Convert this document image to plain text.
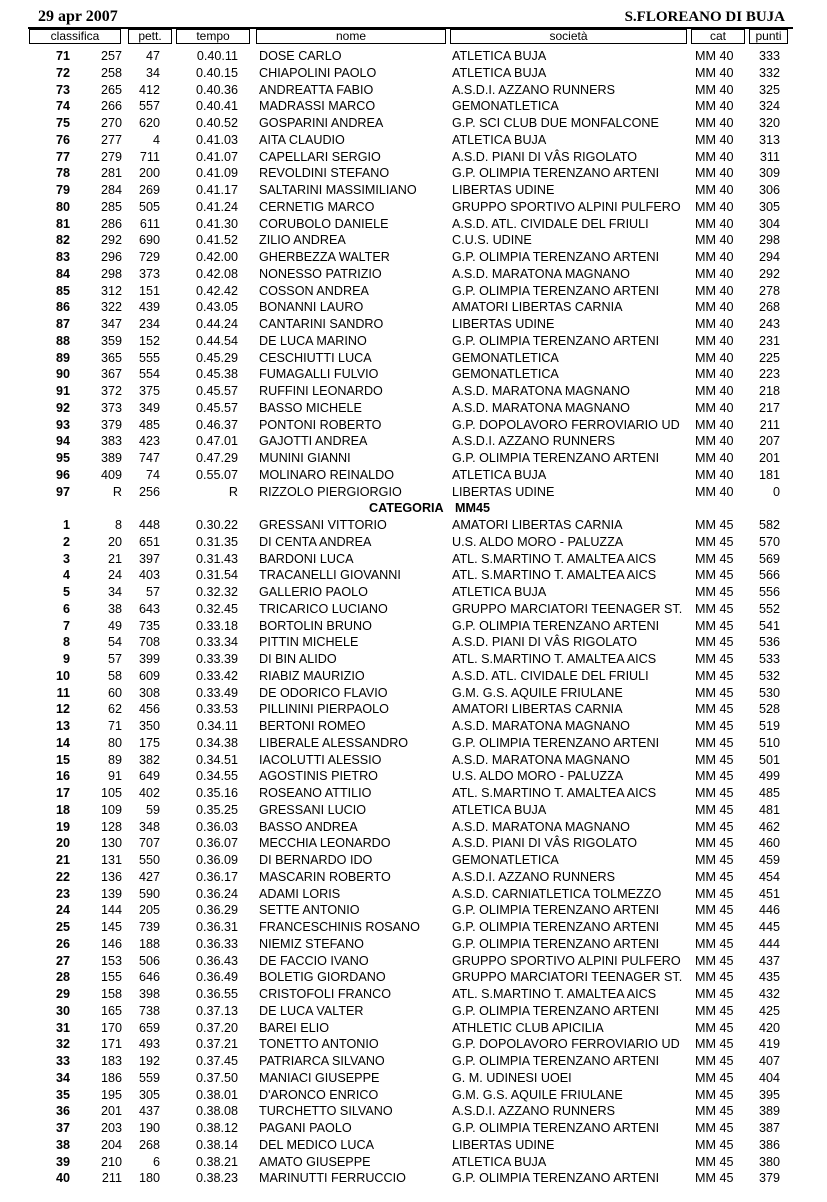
29 apr 2007	S.FLOREANO DI BUJA
classifica	pett.	tempo	nome	società	cat	punti
71	257	47	0.40.11 DOSE CARLO	ATLETICA BUJA	MM 40	333
72	258	34	0.40.15 CHIAPOLINI PAOLO	ATLETICA BUJA	MM 40	332
73	265	412	0.40.36 ANDREATTA FABIO	A.S.D.I. AZZANO RUNNERS	MM 40	325
74	266	557	0.40.41 MADRASSI MARCO	GEMONATLETICA	MM 40	324
75	270	620	0.40.52 GOSPARINI ANDREA	G.P. SCI CLUB DUE MONFALCONE	MM 40	320
76	277	4	0.41.03 AITA CLAUDIO	ATLETICA BUJA	MM 40	313
77	279	711	0.41.07 CAPELLARI SERGIO	A.S.D. PIANI DI VÂS RIGOLATO	MM 40	311
78	281	200	0.41.09 REVOLDINI STEFANO	G.P. OLIMPIA TERENZANO ARTENI	MM 40	309
79	284	269	0.41.17 SALTARINI MASSIMILIANO	LIBERTAS UDINE	MM 40	306
80	285	505	0.41.24 CERNETIG MARCO	GRUPPO SPORTIVO ALPINI PULFERO MM 40	305
81	286	611	0.41.30 CORUBOLO DANIELE	A.S.D. ATL. CIVIDALE DEL FRIULI	MM 40	304
82	292	690	0.41.52 ZILIO ANDREA	C.U.S. UDINE	MM 40	298
83	296	729	0.42.00 GHERBEZZA WALTER	G.P. OLIMPIA TERENZANO ARTENI	MM 40	294
84	298	373	0.42.08 NONESSO PATRIZIO	A.S.D. MARATONA MAGNANO	MM 40	292
85	312	151	0.42.42 COSSON ANDREA	G.P. OLIMPIA TERENZANO ARTENI	MM 40	278
86	322	439	0.43.05 BONANNI LAURO	AMATORI LIBERTAS CARNIA	MM 40	268
87	347	234	0.44.24 CANTARINI SANDRO	LIBERTAS UDINE	MM 40	243
88	359	152	0.44.54 DE LUCA MARINO	G.P. OLIMPIA TERENZANO ARTENI	MM 40	231
89	365	555	0.45.29 CESCHIUTTI LUCA	GEMONATLETICA	MM 40	225
90	367	554	0.45.38 FUMAGALLI FULVIO	GEMONATLETICA	MM 40	223
91	372	375	0.45.57 RUFFINI LEONARDO	A.S.D. MARATONA MAGNANO	MM 40	218
92	373	349	0.45.57 BASSO MICHELE	A.S.D. MARATONA MAGNANO	MM 40	217
93	379	485	0.46.37 PONTONI ROBERTO	G.P. DOPOLAVORO FERROVIARIO UD MM 40	211
94	383	423	0.47.01 GAJOTTI ANDREA	A.S.D.I. AZZANO RUNNERS	MM 40	207
95	389	747	0.47.29 MUNINI GIANNI	G.P. OLIMPIA TERENZANO ARTENI	MM 40	201
96	409	74	0.55.07 MOLINARO REINALDO	ATLETICA BUJA	MM 40	181
97	R	256	R RIZZOLO PIERGIORGIO	LIBERTAS UDINE	MM 40	0
CATEGORIA MM45
1	8	448	0.30.22 GRESSANI VITTORIO	AMATORI LIBERTAS CARNIA	MM 45	582
2	20	651	0.31.35 DI CENTA ANDREA	U.S. ALDO MORO - PALUZZA	MM 45	570
3	21	397	0.31.43 BARDONI LUCA	ATL. S.MARTINO T. AMALTEA AICS	MM 45	569
4	24	403	0.31.54 TRACANELLI GIOVANNI	ATL. S.MARTINO T. AMALTEA AICS	MM 45	566
5	34	57	0.32.32 GALLERIO PAOLO	ATLETICA BUJA	MM 45	556
6	38	643	0.32.45 TRICARICO LUCIANO	GRUPPO MARCIATORI TEENAGER ST. MM 45	552
7	49	735	0.33.18 BORTOLIN BRUNO	G.P. OLIMPIA TERENZANO ARTENI	MM 45	541
8	54	708	0.33.34 PITTIN MICHELE	A.S.D. PIANI DI VÂS RIGOLATO	MM 45	536
9	57	399	0.33.39 DI BIN ALIDO	ATL. S.MARTINO T. AMALTEA AICS	MM 45	533
10	58	609	0.33.42 RIABIZ MAURIZIO	A.S.D. ATL. CIVIDALE DEL FRIULI	MM 45	532
11	60	308	0.33.49 DE ODORICO FLAVIO	G.M. G.S. AQUILE FRIULANE	MM 45	530
12	62	456	0.33.53 PILLININI PIERPAOLO	AMATORI LIBERTAS CARNIA	MM 45	528
13	71	350	0.34.11 BERTONI ROMEO	A.S.D. MARATONA MAGNANO	MM 45	519
14	80	175	0.34.38 LIBERALE ALESSANDRO	G.P. OLIMPIA TERENZANO ARTENI	MM 45	510
15	89	382	0.34.51 IACOLUTTI ALESSIO	A.S.D. MARATONA MAGNANO	MM 45	501
16	91	649	0.34.55 AGOSTINIS PIETRO	U.S. ALDO MORO - PALUZZA	MM 45	499
17	105	402	0.35.16 ROSEANO ATTILIO	ATL. S.MARTINO T. AMALTEA AICS	MM 45	485
18	109	59	0.35.25 GRESSANI LUCIO	ATLETICA BUJA	MM 45	481
19	128	348	0.36.03 BASSO ANDREA	A.S.D. MARATONA MAGNANO	MM 45	462
20	130	707	0.36.07 MECCHIA LEONARDO	A.S.D. PIANI DI VÂS RIGOLATO	MM 45	460
21	131	550	0.36.09 DI BERNARDO IDO	GEMONATLETICA	MM 45	459
22	136	427	0.36.17 MASCARIN ROBERTO	A.S.D.I. AZZANO RUNNERS	MM 45	454
23	139	590	0.36.24 ADAMI LORIS	A.S.D. CARNIATLETICA TOLMEZZO	MM 45	451
24	144	205	0.36.29 SETTE ANTONIO	G.P. OLIMPIA TERENZANO ARTENI	MM 45	446
25	145	739	0.36.31 FRANCESCHINIS ROSANO	G.P. OLIMPIA TERENZANO ARTENI	MM 45	445
26	146	188	0.36.33 NIEMIZ STEFANO	G.P. OLIMPIA TERENZANO ARTENI	MM 45	444
27	153	506	0.36.43 DE FACCIO IVANO	GRUPPO SPORTIVO ALPINI PULFERO MM 45	437
28	155	646	0.36.49 BOLETIG GIORDANO	GRUPPO MARCIATORI TEENAGER ST. MM 45	435
29	158	398	0.36.55 CRISTOFOLI FRANCO	ATL. S.MARTINO T. AMALTEA AICS	MM 45	432
30	165	738	0.37.13 DE LUCA VALTER	G.P. OLIMPIA TERENZANO ARTENI	MM 45	425
31	170	659	0.37.20 BAREI ELIO	ATHLETIC CLUB APICILIA	MM 45	420
32	171	493	0.37.21 TONETTO ANTONIO	G.P. DOPOLAVORO FERROVIARIO UD MM 45	419
33	183	192	0.37.45 PATRIARCA SILVANO	G.P. OLIMPIA TERENZANO ARTENI	MM 45	407
34	186	559	0.37.50 MANIACI GIUSEPPE	G. M. UDINESI UOEI	MM 45	404
35	195	305	0.38.01 D'ARONCO ENRICO	G.M. G.S. AQUILE FRIULANE	MM 45	395
36	201	437	0.38.08 TURCHETTO SILVANO	A.S.D.I. AZZANO RUNNERS	MM 45	389
37	203	190	0.38.12 PAGANI PAOLO	G.P. OLIMPIA TERENZANO ARTENI	MM 45	387
38	204	268	0.38.14 DEL MEDICO LUCA	LIBERTAS UDINE	MM 45	386
39	210	6	0.38.21 AMATO GIUSEPPE	ATLETICA BUJA	MM 45	380
40	211	180	0.38.23 MARINUTTI FERRUCCIO	G.P. OLIMPIA TERENZANO ARTENI	MM 45	379
